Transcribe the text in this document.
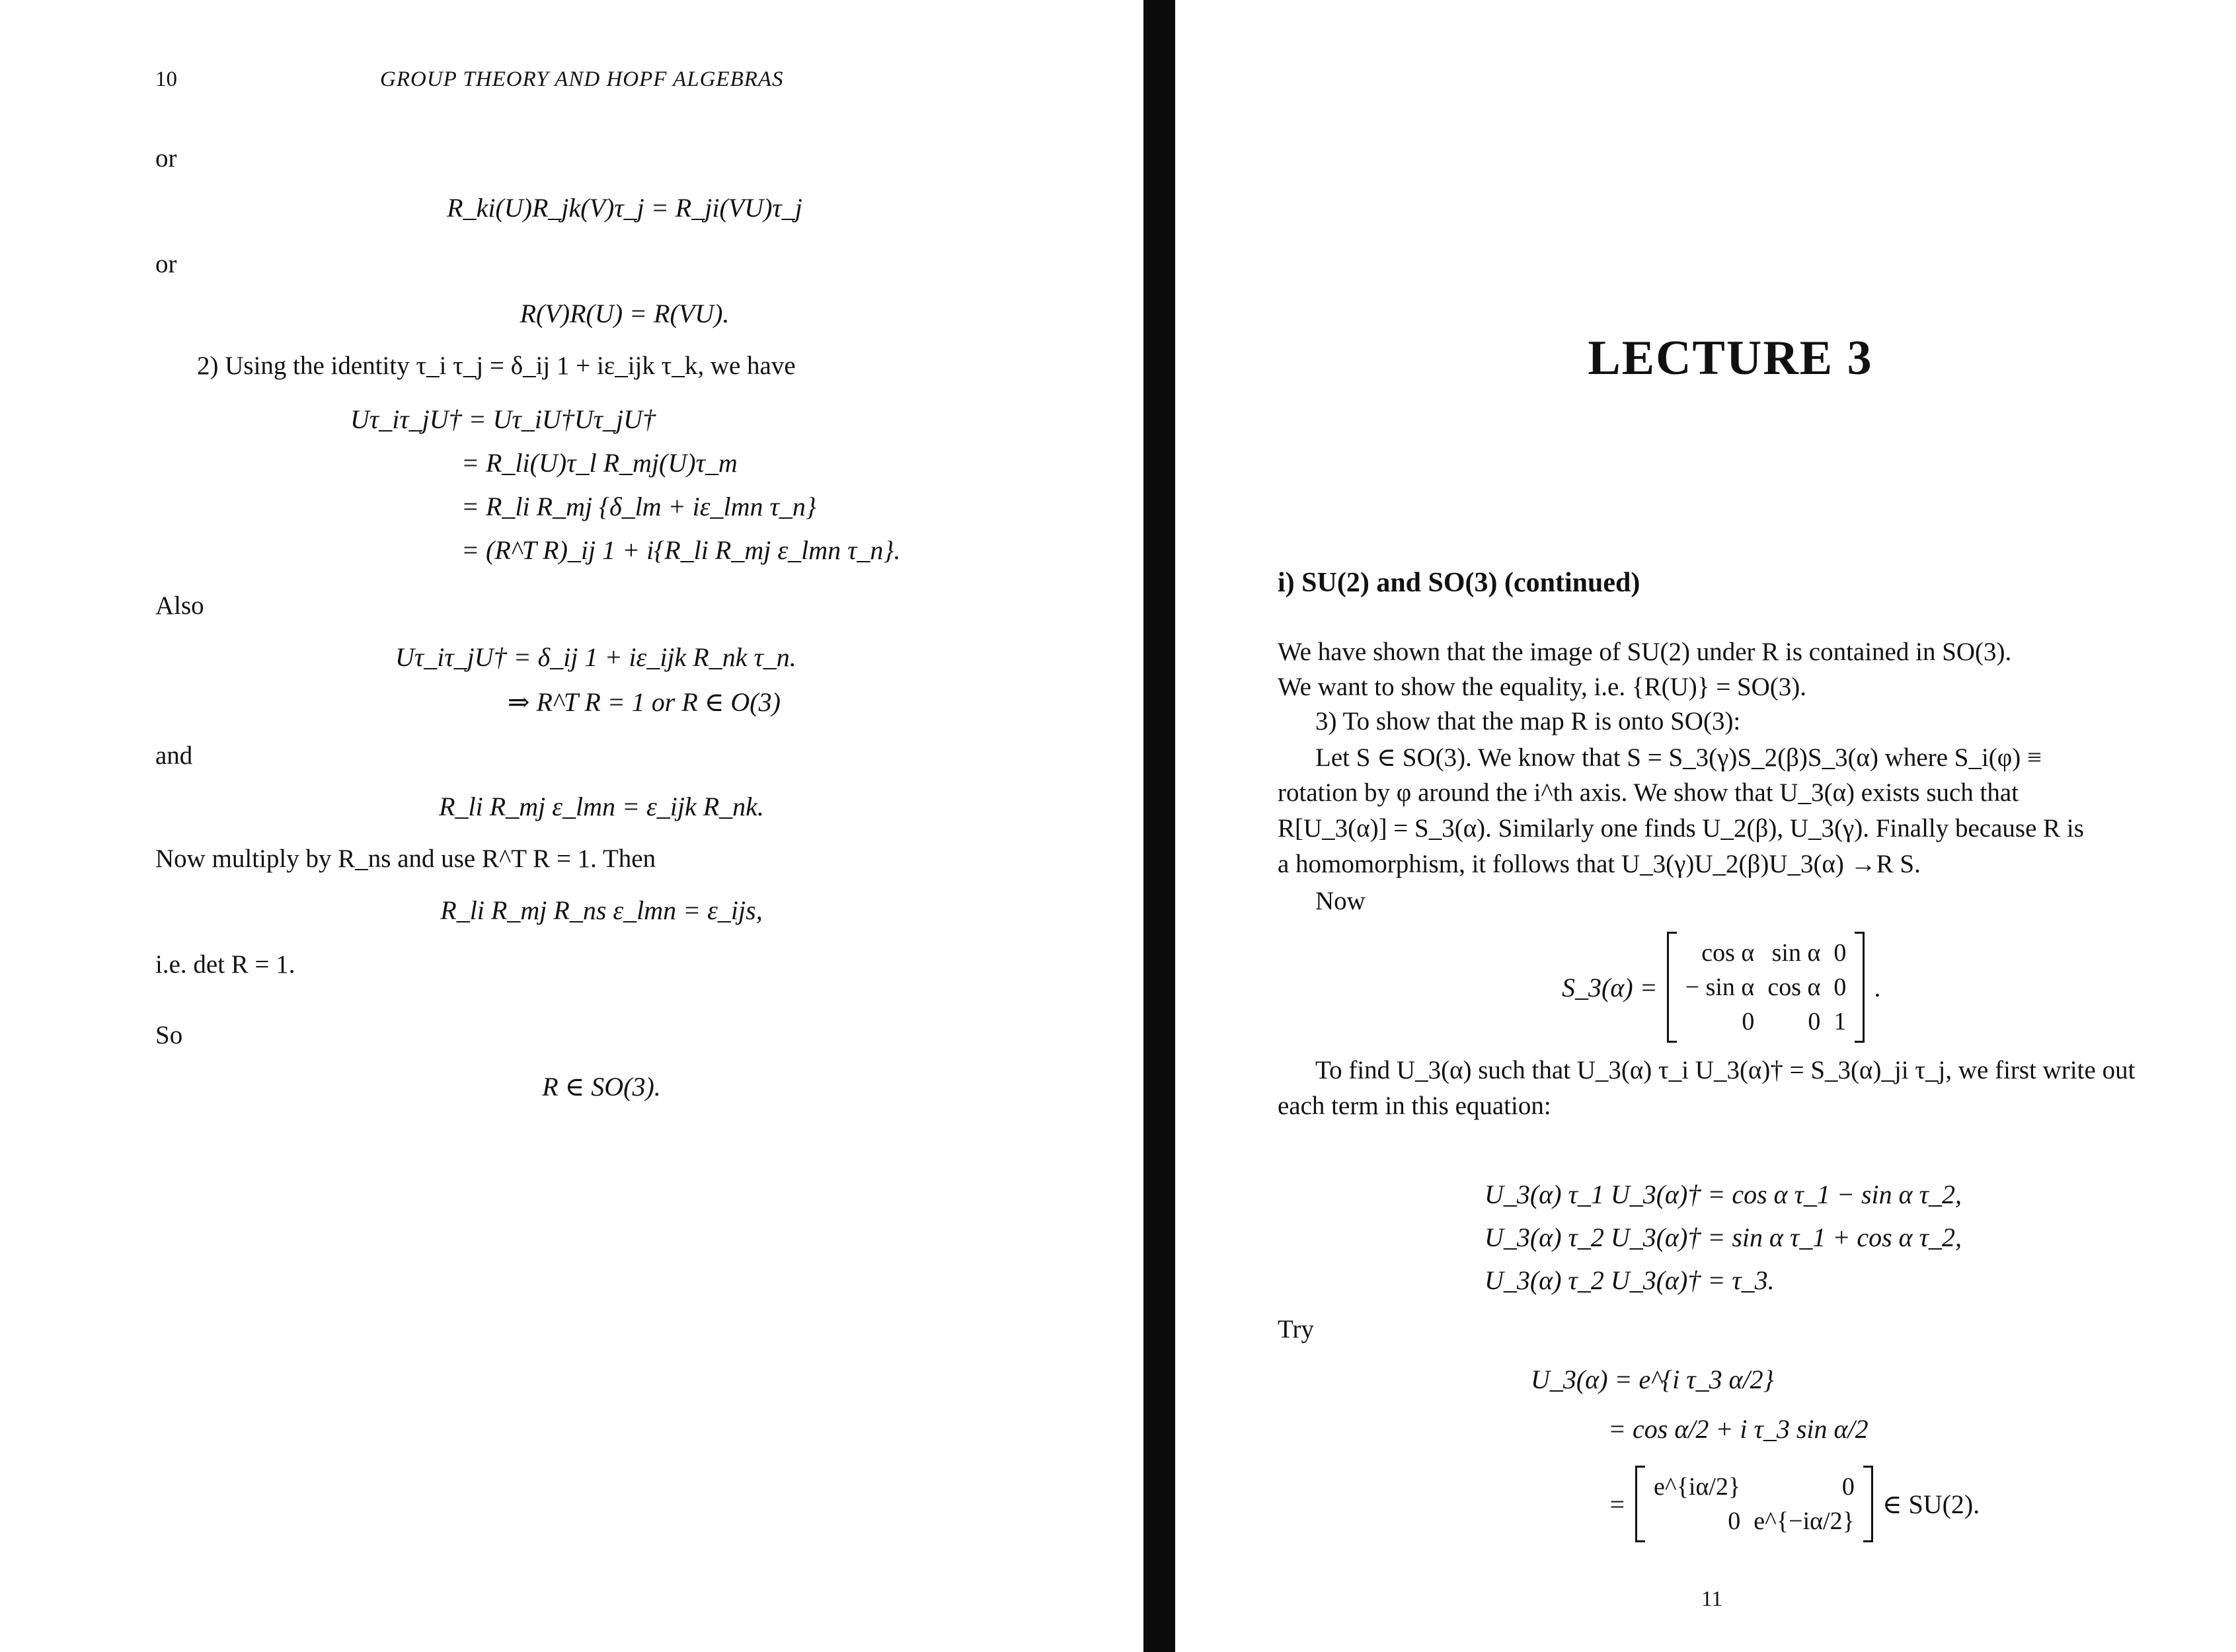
10	GROUP THEORY AND HOPF ALGEBRAS
or
R_ki(U)R_jk(V)τ_j = R_ji(VU)τ_j
or
R(V)R(U) = R(VU).
2) Using the identity τ_i τ_j = δ_ij 1 + iε_ijk τ_k, we have
Uτ_iτ_jU† = Uτ_iU†Uτ_jU†
= R_li(U)τ_l R_mj(U)τ_m
= R_li R_mj {δ_lm + iε_lmn τ_n}
= (R^T R)_ij 1 + i{R_li R_mj ε_lmn τ_n}.
Also
Uτ_iτ_jU† = δ_ij 1 + iε_ijk R_nk τ_n.
⇒ R^T R = 1 or R ∈ O(3)
and
R_li R_mj ε_lmn = ε_ijk R_nk.
Now multiply by R_ns and use R^T R = 1. Then
R_li R_mj R_ns ε_lmn = ε_ijs,
i.e. det R = 1.
So
R ∈ SO(3).
LECTURE 3
i) SU(2) and SO(3) (continued)
We have shown that the image of SU(2) under R is contained in SO(3).
We want to show the equality, i.e. {R(U)} = SO(3).
3) To show that the map R is onto SO(3):
Let S ∈ SO(3). We know that S = S_3(γ)S_2(β)S_3(α) where S_i(φ) ≡
rotation by φ around the i^th axis. We show that U_3(α) exists such that
R[U_3(α)] = S_3(α). Similarly one finds U_2(β), U_3(γ). Finally because R is
a homomorphism, it follows that U_3(γ)U_2(β)U_3(α) →R S.
Now
S_3(α) =
cos α	sin α	0
− sin α	cos α	0
0	0	1
.
To find U_3(α) such that U_3(α) τ_i U_3(α)† = S_3(α)_ji τ_j, we first write out
each term in this equation:
U_3(α) τ_1 U_3(α)† = cos α τ_1 − sin α τ_2,
U_3(α) τ_2 U_3(α)† = sin α τ_1 + cos α τ_2,
U_3(α) τ_2 U_3(α)† = τ_3.
Try
U_3(α) = e^{i τ_3 α/2}
= cos α/2 + i τ_3 sin α/2
=
e^{iα/2}	0
0	e^{−iα/2}
∈ SU(2).
11
